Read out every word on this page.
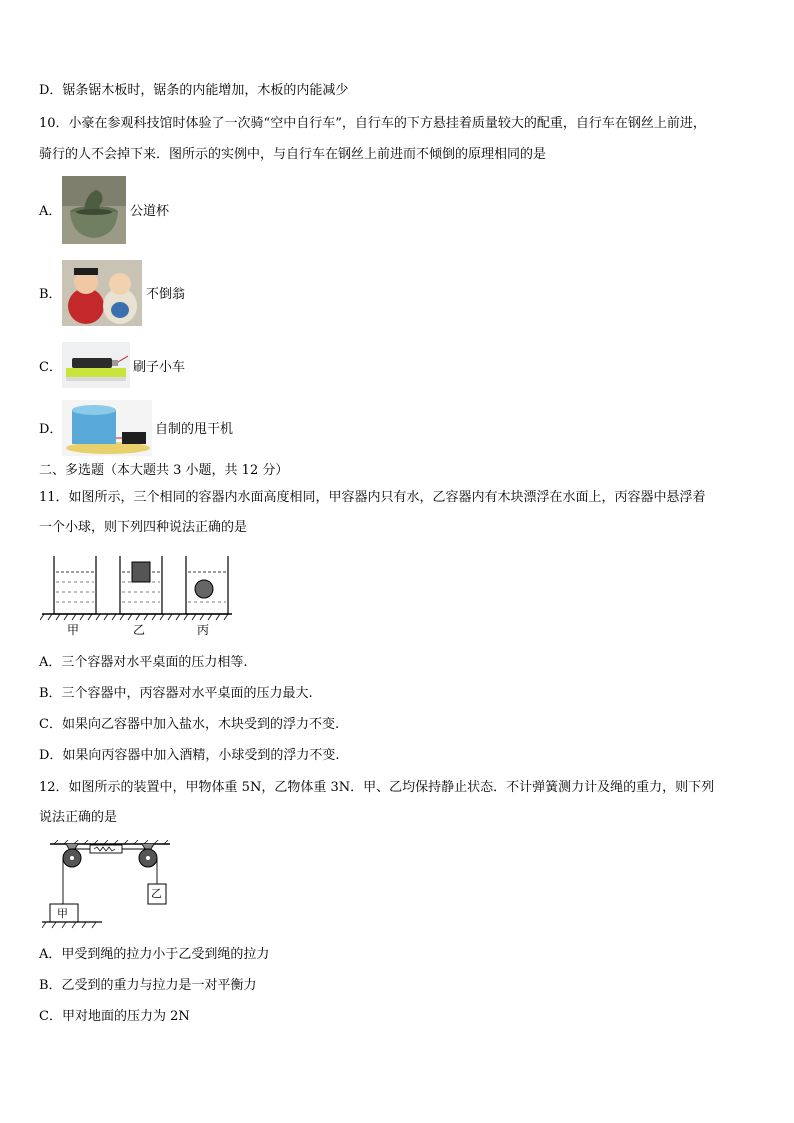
D．锯条锯木板时，锯条的内能增加，木板的内能减少
10．小豪在参观科技馆时体验了一次骑“空中自行车”，自行车的下方悬挂着质量较大的配重，自行车在钢丝上前进，
骑行的人不会掉下来．图所示的实例中，与自行车在钢丝上前进而不倾倒的原理相同的是
A．	公道杯
B．	不倒翁
C．	刷子小车
D．	自制的甩干机
二、多选题（本大题共 3 小题，共 12 分）
11．如图所示，三个相同的容器内水面高度相同，甲容器内只有水，乙容器内有木块漂浮在水面上，丙容器中悬浮着
一个小球，则下列四种说法正确的是
甲	乙	丙
A．三个容器对水平桌面的压力相等.
B．三个容器中，丙容器对水平桌面的压力最大.
C．如果向乙容器中加入盐水，木块受到的浮力不变.
D．如果向丙容器中加入酒精，小球受到的浮力不变.
12．如图所示的装置中，甲物体重 5N，乙物体重 3N．甲、乙均保持静止状态．不计弹簧测力计及绳的重力，则下列
说法正确的是
甲
乙
A．甲受到绳的拉力小于乙受到绳的拉力
B．乙受到的重力与拉力是一对平衡力
C．甲对地面的压力为 2N
